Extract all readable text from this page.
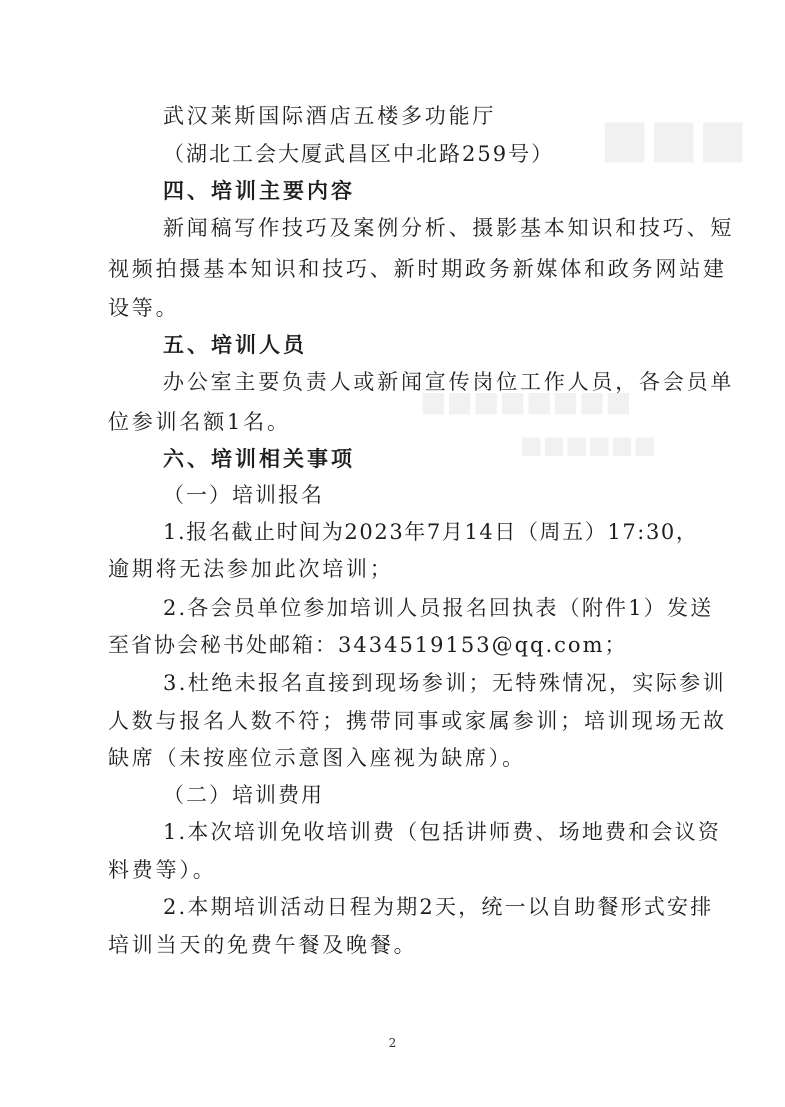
■■■
■■■■■■■■
■■■■■■
武汉莱斯国际酒店五楼多功能厅
（湖北工会大厦武昌区中北路259号）
四、培训主要内容
新闻稿写作技巧及案例分析、摄影基本知识和技巧、短
视频拍摄基本知识和技巧、新时期政务新媒体和政务网站建
设等。
五、培训人员
办公室主要负责人或新闻宣传岗位工作人员，各会员单
位参训名额1名。
六、培训相关事项
（一）培训报名
1.报名截止时间为2023年7月14日（周五）17:30，
逾期将无法参加此次培训；
2.各会员单位参加培训人员报名回执表（附件1）发送
至省协会秘书处邮箱：3434519153@qq.com；
3.杜绝未报名直接到现场参训；无特殊情况，实际参训
人数与报名人数不符；携带同事或家属参训；培训现场无故
缺席（未按座位示意图入座视为缺席）。
（二）培训费用
1.本次培训免收培训费（包括讲师费、场地费和会议资
料费等）。
2.本期培训活动日程为期2天，统一以自助餐形式安排
培训当天的免费午餐及晚餐。
2
